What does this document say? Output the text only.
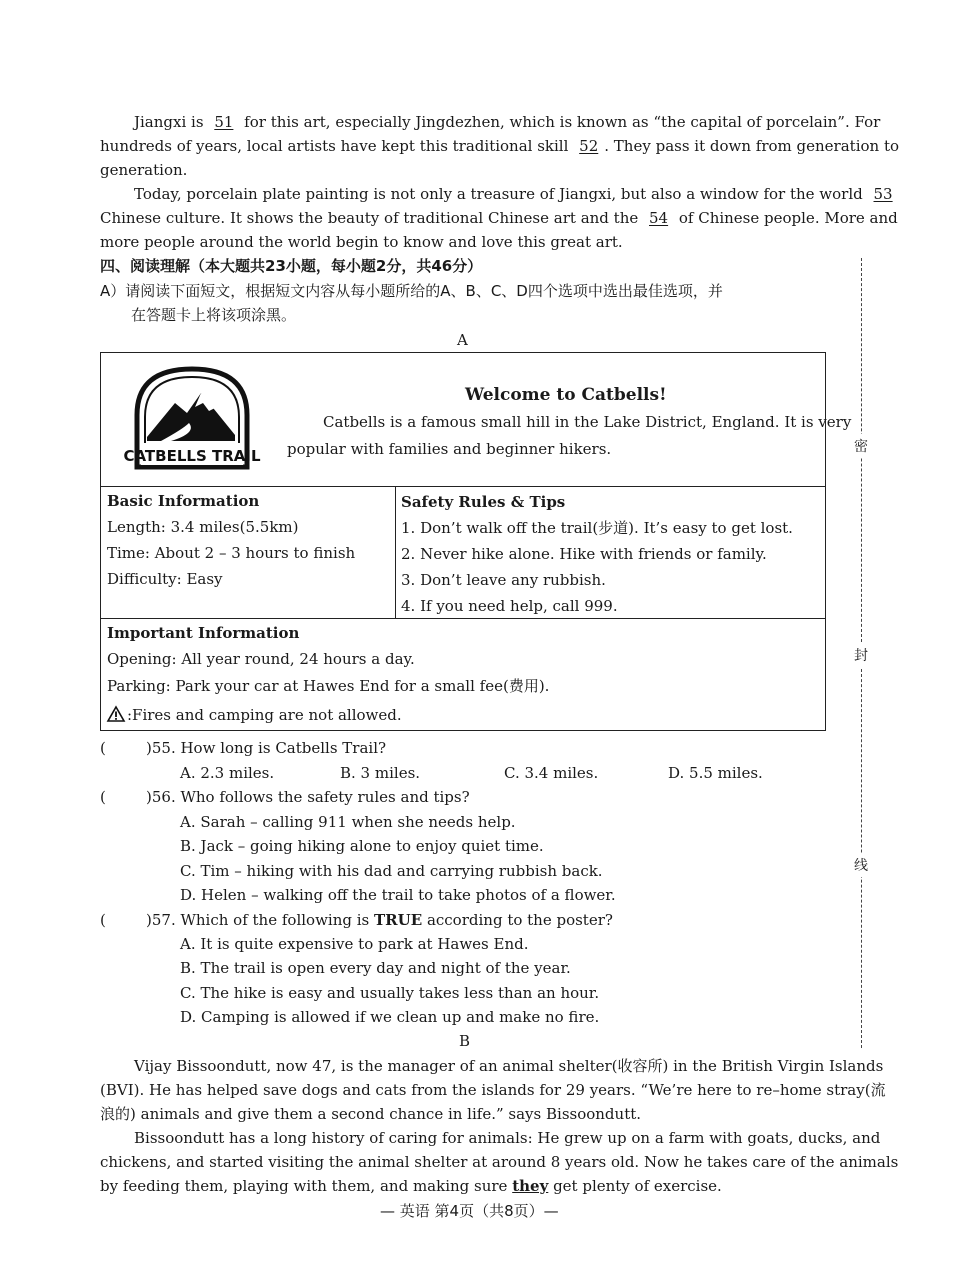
Jiangxi is 51 for this art, especially Jingdezhen, which is known as “the capital of porcelain”. For
hundreds of years, local artists have kept this traditional skill 52 . They pass it down from generation to
generation.
Today, porcelain plate painting is not only a treasure of Jiangxi, but also a window for the world 53
Chinese culture. It shows the beauty of traditional Chinese art and the 54 of Chinese people. More and
more people around the world begin to know and love this great art.
四、阅读理解（本大题共23小题，每小题2分，共46分）
A）请阅读下面短文，根据短文内容从每小题所给的A、B、C、D四个选项中选出最佳选项，并
在答题卡上将该项涂黑。
A
CATBELLS TRAIL
Welcome to Catbells!
Catbells is a famous small hill in the Lake District, England. It is very
popular with families and beginner hikers.
Basic Information
Length: 3.4 miles(5.5km)
Time: About 2 – 3 hours to finish
Difficulty: Easy
Safety Rules & Tips
1. Don’t walk off the trail(步道). It’s easy to get lost.
2. Never hike alone. Hike with friends or family.
3. Don’t leave any rubbish.
4. If you need help, call 999.
Important Information
Opening: All year round, 24 hours a day.
Parking: Park your car at Hawes End for a small fee(费用).
:Fires and camping are not allowed.
(	)55. How long is Catbells Trail?
A. 2.3 miles.	B. 3 miles.	C. 3.4 miles.	D. 5.5 miles.
(	)56. Who follows the safety rules and tips?
A. Sarah – calling 911 when she needs help.
B. Jack – going hiking alone to enjoy quiet time.
C. Tim – hiking with his dad and carrying rubbish back.
D. Helen – walking off the trail to take photos of a flower.
(	)57. Which of the following is TRUE according to the poster?
A. It is quite expensive to park at Hawes End.
B. The trail is open every day and night of the year.
C. The hike is easy and usually takes less than an hour.
D. Camping is allowed if we clean up and make no fire.
B
Vijay Bissoondutt, now 47, is the manager of an animal shelter(收容所) in the British Virgin Islands
(BVI). He has helped save dogs and cats from the islands for 29 years. “We’re here to re–home stray(流
浪的) animals and give them a second chance in life.” says Bissoondutt.
Bissoondutt has a long history of caring for animals: He grew up on a farm with goats, ducks, and
chickens, and started visiting the animal shelter at around 8 years old. Now he takes care of the animals
by feeding them, playing with them, and making sure they get plenty of exercise.
— 英语 第4页（共8页）—
密
封
线
